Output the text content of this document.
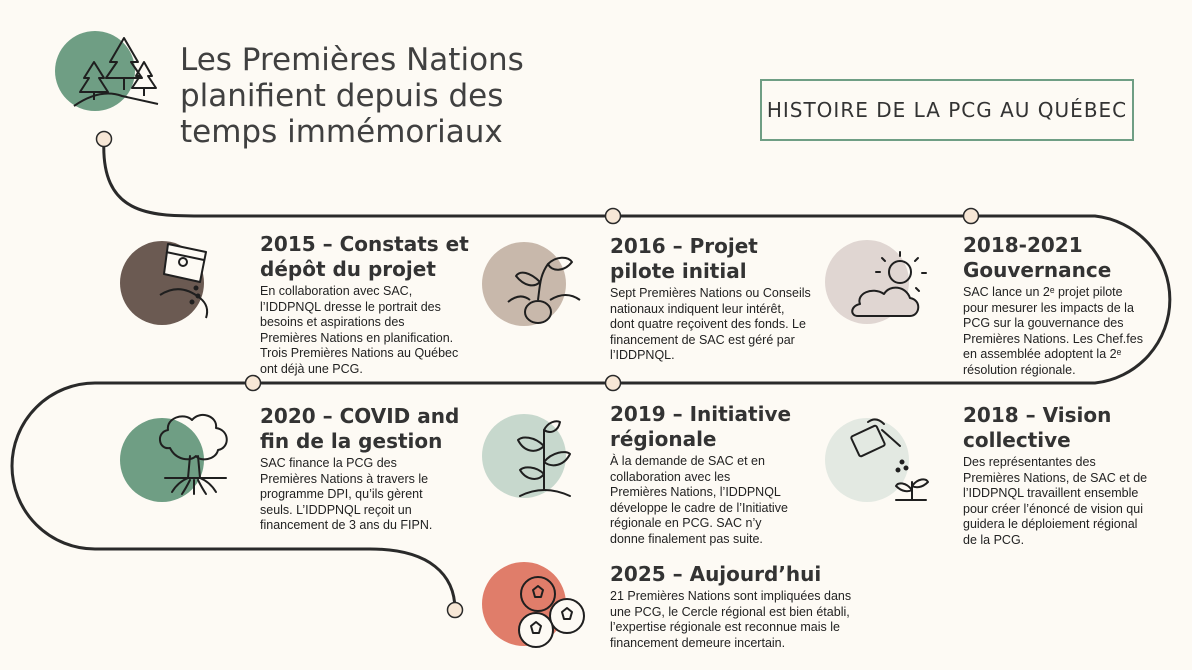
Les Premières Nations
planifient depuis des
temps immémoriaux
HISTOIRE DE LA PCG AU QUÉBEC

2015 – Constats et
dépôt du projet

En collaboration avec SAC,
l’IDDPNQL dresse le portrait des
besoins et aspirations des
Premières Nations en planification.
Trois Premières Nations au Québec
ont déjà une PCG.

2016 – Projet
pilote initial

Sept Premières Nations ou Conseils
nationaux indiquent leur intérêt,
dont quatre reçoivent des fonds. Le
financement de SAC est géré par
l’IDDPNQL.

2018-2021
Gouvernance

SAC lance un 2ᵉ projet pilote
pour mesurer les impacts de la
PCG sur la gouvernance des
Premières Nations. Les Chef.fes
en assemblée adoptent la 2ᵉ
résolution régionale.

2020 – COVID and
fin de la gestion

SAC finance la PCG des
Premières Nations à travers le
programme DPI, qu’ils gèrent
seuls. L’IDDPNQL reçoit un
financement de 3 ans du FIPN.

2019 – Initiative
régionale

À la demande de SAC et en
collaboration avec les
Premières Nations, l’IDDPNQL
développe le cadre de l’Initiative
régionale en PCG. SAC n’y
donne finalement pas suite.

2018 – Vision
collective

Des représentantes des
Premières Nations, de SAC et de
l’IDDPNQL travaillent ensemble
pour créer l’énoncé de vision qui
guidera le déploiement régional
de la PCG.

2025 – Aujourd’hui

21 Premières Nations sont impliquées dans
une PCG, le Cercle régional est bien établi,
l’expertise régionale est reconnue mais le
financement demeure incertain.
